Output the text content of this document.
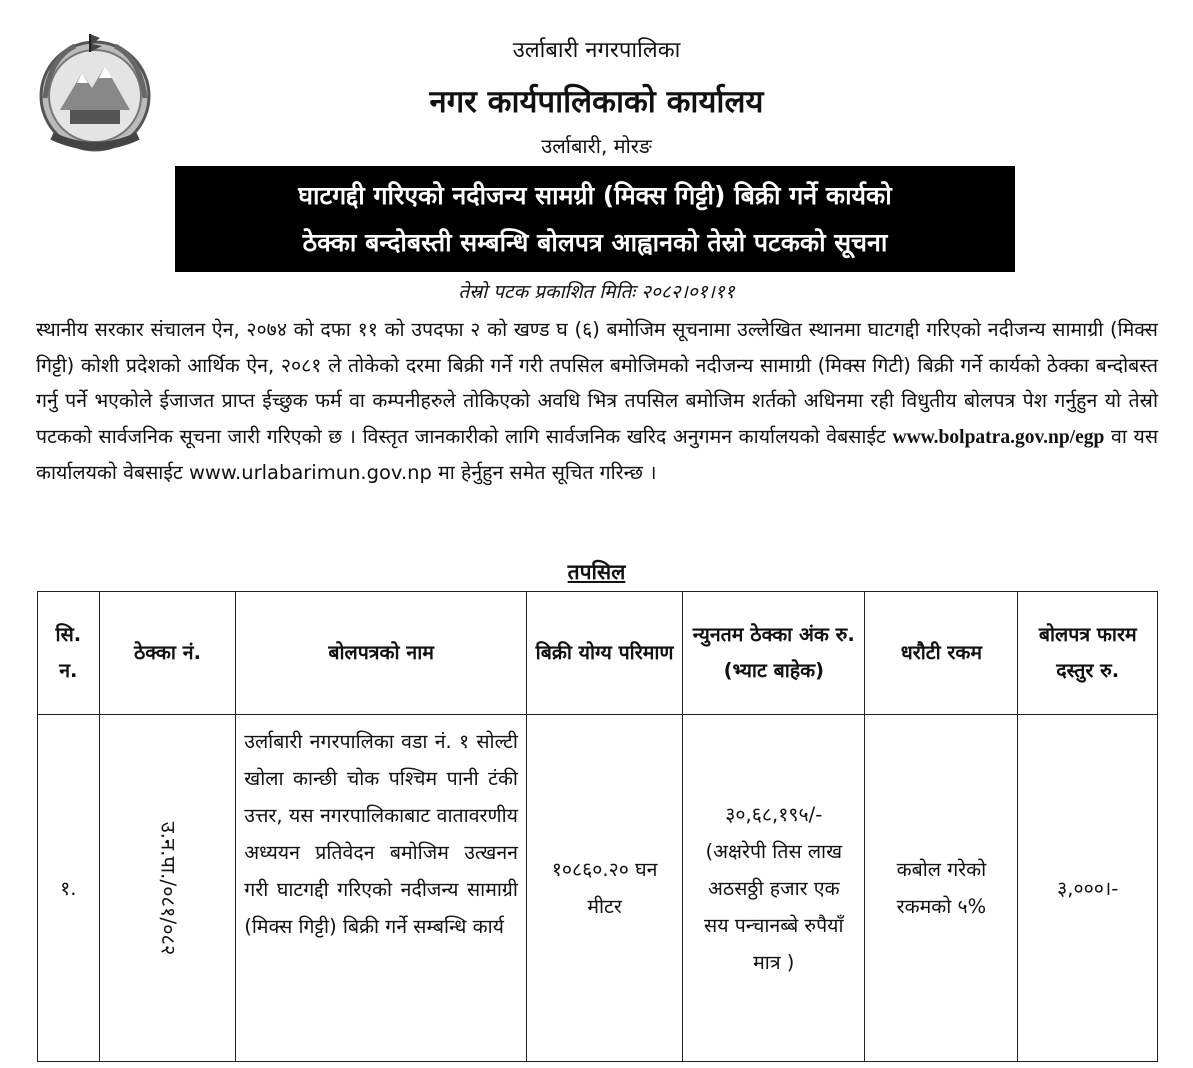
उर्लाबारी नगरपालिका
नगर कार्यपालिकाको कार्यालय
उर्लाबारी, मोरङ
घाटगद्दी गरिएको नदीजन्य सामग्री (मिक्स गिट्टी) बिक्री गर्ने कार्यको
ठेक्का बन्दोबस्ती सम्बन्धि बोलपत्र आह्वानको तेस्रो पटकको सूचना
तेस्रो पटक प्रकाशित मितिः २०८२।०१।११
स्थानीय सरकार संचालन ऐन, २०७४ को दफा ११ को उपदफा २ को खण्ड घ (६) बमोजिम सूचनामा उल्लेखित स्थानमा घाटगद्दी गरिएको नदीजन्य सामाग्री (मिक्स गिट्टी) कोशी प्रदेशको आर्थिक ऐन, २०८१ ले तोकेको दरमा बिक्री गर्ने गरी तपसिल बमोजिमको नदीजन्य सामाग्री (मिक्स गिटी) बिक्री गर्ने कार्यको ठेक्का बन्दोबस्त गर्नु पर्ने भएकोले ईजाजत प्राप्त ईच्छुक फर्म वा कम्पनीहरुले तोकिएको अवधि भित्र तपसिल बमोजिम शर्तको अधिनमा रही विधुतीय बोलपत्र पेश गर्नुहुन यो तेस्रो पटकको सार्वजनिक सूचना जारी गरिएको छ । विस्तृत जानकारीको लागि सार्वजनिक खरिद अनुगमन कार्यालयको वेबसाईट www.bolpatra.gov.np/egp वा यस कार्यालयको वेबसाईट www.urlabarimun.gov.np मा हेर्नुहुन समेत सूचित गरिन्छ ।
तपसिल
सि. न.	ठेक्का नं.	बोलपत्रको नाम	बिक्री योग्य परिमाण	न्युनतम ठेक्का अंक रु. (भ्याट बाहेक)	धरौटी रकम	बोलपत्र फारम दस्तुर रु.
१.	उ.न.पा./०८१/०८२	उर्लाबारी नगरपालिका वडा नं. १ सोल्टी खोला कान्छी चोक पश्चिम पानी टंकी उत्तर, यस नगरपालिकाबाट वातावरणीय अध्ययन प्रतिवेदन बमोजिम उत्खनन गरी घाटगद्दी गरिएको नदीजन्य सामाग्री (मिक्स गिट्टी) बिक्री गर्ने सम्बन्धि कार्य	१०८६०.२० घन मीटर	३०,६८,१९५/- (अक्षरेपी तिस लाख अठसठ्ठी हजार एक सय पन्चानब्बे रुपैयाँ मात्र )	कबोल गरेको रकमको ५%	३,०००।-
